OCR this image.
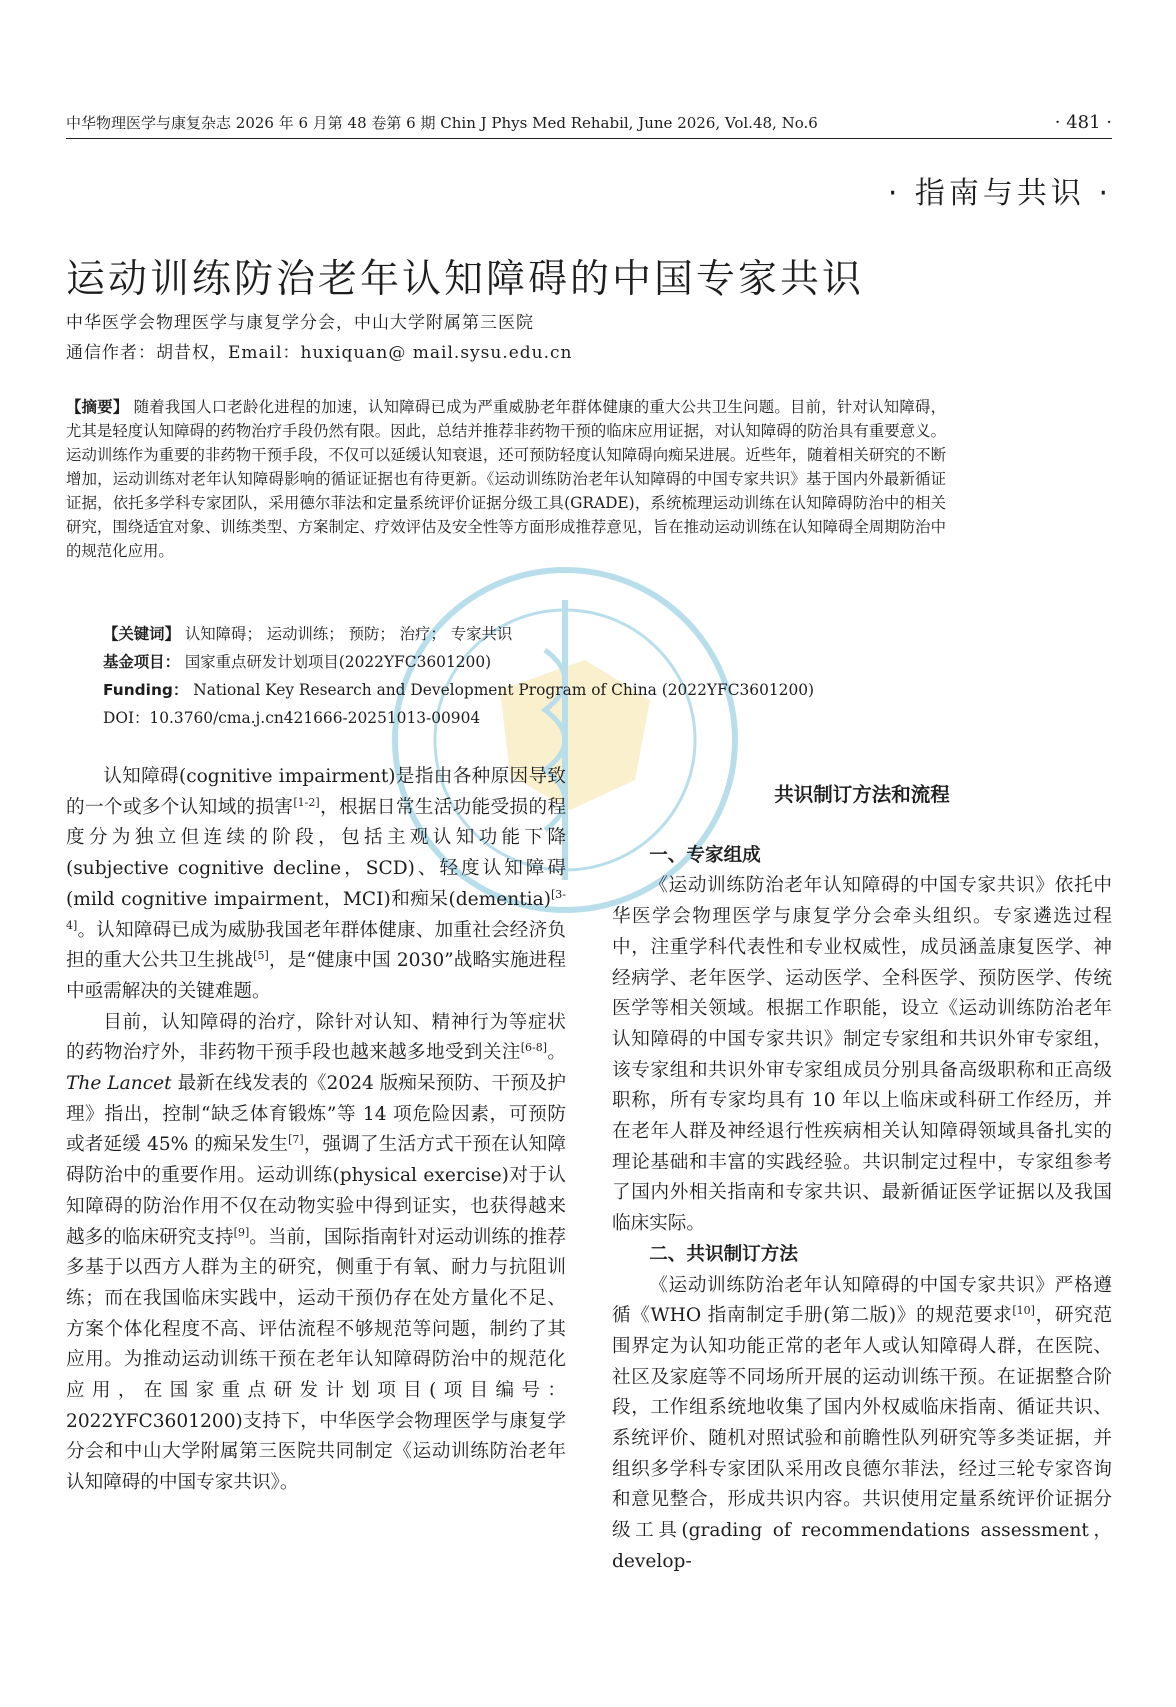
中华物理医学与康复杂志 2026 年 6 月第 48 卷第 6 期 Chin J Phys Med Rehabil, June 2026, Vol.48, No.6	· 481 ·
· 指南与共识 ·
运动训练防治老年认知障碍的中国专家共识
中华医学会物理医学与康复学分会，中山大学附属第三医院
通信作者：胡昔权，Email：huxiquan@ mail.sysu.edu.cn
【摘要】 随着我国人口老龄化进程的加速，认知障碍已成为严重威胁老年群体健康的重大公共卫生问题。目前，针对认知障碍，尤其是轻度认知障碍的药物治疗手段仍然有限。因此，总结并推荐非药物干预的临床应用证据，对认知障碍的防治具有重要意义。运动训练作为重要的非药物干预手段，不仅可以延缓认知衰退，还可预防轻度认知障碍向痴呆进展。近些年，随着相关研究的不断增加，运动训练对老年认知障碍影响的循证证据也有待更新。《运动训练防治老年认知障碍的中国专家共识》基于国内外最新循证证据，依托多学科专家团队，采用德尔菲法和定量系统评价证据分级工具(GRADE)，系统梳理运动训练在认知障碍防治中的相关研究，围绕适宜对象、训练类型、方案制定、疗效评估及安全性等方面形成推荐意见，旨在推动运动训练在认知障碍全周期防治中的规范化应用。
【关键词】 认知障碍； 运动训练； 预防； 治疗； 专家共识
基金项目： 国家重点研发计划项目(2022YFC3601200)
Funding： National Key Research and Development Program of China (2022YFC3601200)
DOI：10.3760/cma.j.cn421666-20251013-00904

认知障碍(cognitive impairment)是指由各种原因导致的一个或多个认知域的损害[1-2]，根据日常生活功能受损的程度分为独立但连续的阶段，包括主观认知功能下降(subjective cognitive decline，SCD)、轻度认知障碍(mild cognitive impairment，MCI)和痴呆(dementia)[3-4]。认知障碍已成为威胁我国老年群体健康、加重社会经济负担的重大公共卫生挑战[5]，是“健康中国 2030”战略实施进程中亟需解决的关键难题。

目前，认知障碍的治疗，除针对认知、精神行为等症状的药物治疗外，非药物干预手段也越来越多地受到关注[6-8]。The Lancet 最新在线发表的《2024 版痴呆预防、干预及护理》指出，控制“缺乏体育锻炼”等 14 项危险因素，可预防或者延缓 45% 的痴呆发生[7]，强调了生活方式干预在认知障碍防治中的重要作用。运动训练(physical exercise)对于认知障碍的防治作用不仅在动物实验中得到证实，也获得越来越多的临床研究支持[9]。当前，国际指南针对运动训练的推荐多基于以西方人群为主的研究，侧重于有氧、耐力与抗阻训练；而在我国临床实践中，运动干预仍存在处方量化不足、方案个体化程度不高、评估流程不够规范等问题，制约了其应用。为推动运动训练干预在老年认知障碍防治中的规范化应用，在国家重点研发计划项目(项目编号：2022YFC3601200)支持下，中华医学会物理医学与康复学分会和中山大学附属第三医院共同制定《运动训练防治老年认知障碍的中国专家共识》。

共识制订方法和流程

一、专家组成

《运动训练防治老年认知障碍的中国专家共识》依托中华医学会物理医学与康复学分会牵头组织。专家遴选过程中，注重学科代表性和专业权威性，成员涵盖康复医学、神经病学、老年医学、运动医学、全科医学、预防医学、传统医学等相关领域。根据工作职能，设立《运动训练防治老年认知障碍的中国专家共识》制定专家组和共识外审专家组，该专家组和共识外审专家组成员分别具备高级职称和正高级职称，所有专家均具有 10 年以上临床或科研工作经历，并在老年人群及神经退行性疾病相关认知障碍领域具备扎实的理论基础和丰富的实践经验。共识制定过程中，专家组参考了国内外相关指南和专家共识、最新循证医学证据以及我国临床实际。

二、共识制订方法

《运动训练防治老年认知障碍的中国专家共识》严格遵循《WHO 指南制定手册(第二版)》的规范要求[10]，研究范围界定为认知功能正常的老年人或认知障碍人群，在医院、社区及家庭等不同场所开展的运动训练干预。在证据整合阶段，工作组系统地收集了国内外权威临床指南、循证共识、系统评价、随机对照试验和前瞻性队列研究等多类证据，并组织多学科专家团队采用改良德尔菲法，经过三轮专家咨询和意见整合，形成共识内容。共识使用定量系统评价证据分级工具(grading of recommendations assessment，develop-
